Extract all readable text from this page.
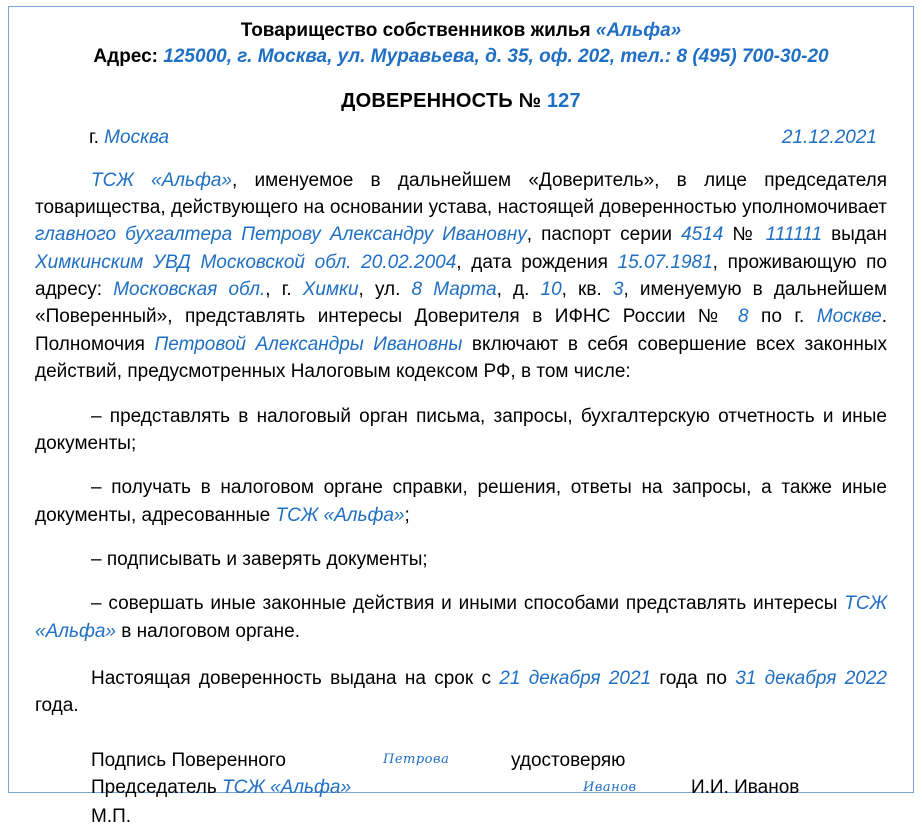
Товарищество собственников жилья «Альфа»
Адрес: 125000, г. Москва, ул. Муравьева, д. 35, оф. 202, тел.: 8 (495) 700-30-20
ДОВЕРЕННОСТЬ № 127
г. Москва	21.12.2021
ТСЖ «Альфа», именуемое в дальнейшем «Доверитель», в лице председателя товарищества, действующего на основании устава, настоящей доверенностью уполномочивает главного бухгалтера Петрову Александру Ивановну, паспорт серии 4514 № 111111 выдан Химкинским УВД Московской обл. 20.02.2004, дата рождения 15.07.1981, проживающую по адресу: Московская обл., г. Химки, ул. 8 Марта, д. 10, кв. 3, именуемую в дальнейшем «Поверенный», представлять интересы Доверителя в ИФНС России № 8 по г. Москве. Полномочия Петровой Александры Ивановны включают в себя совершение всех законных действий, предусмотренных Налоговым кодексом РФ, в том числе:
– представлять в налоговый орган письма, запросы, бухгалтерскую отчетность и иные документы;
– получать в налоговом органе справки, решения, ответы на запросы, а также иные документы, адресованные ТСЖ «Альфа»;
– подписывать и заверять документы;
– совершать иные законные действия и иными способами представлять интересы ТСЖ «Альфа» в налоговом органе.
Настоящая доверенность выдана на срок с 21 декабря 2021 года по 31 декабря 2022 года.
Подпись Поверенного	Петрова	удостоверяю
Председатель ТСЖ «Альфа»	Иванов	И.И. Иванов
М.П.
